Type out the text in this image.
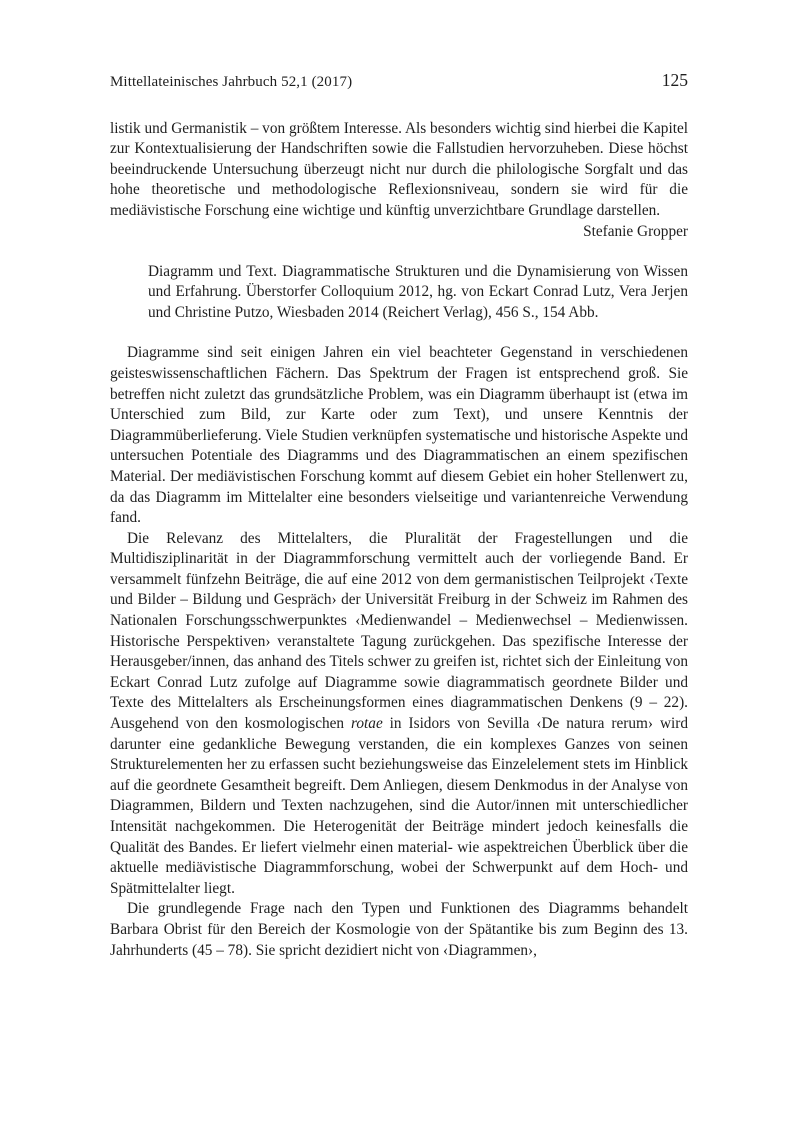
Mittellateinisches Jahrbuch 52,1 (2017)	125

listik und Germanistik – von größtem Interesse. Als besonders wichtig sind hierbei die Kapitel zur Kontextualisierung der Handschriften sowie die Fallstudien hervorzuheben. Diese höchst beeindruckende Untersuchung überzeugt nicht nur durch die philologische Sorgfalt und das hohe theoretische und methodologische Reflexionsniveau, sondern sie wird für die mediävistische Forschung eine wichtige und künftig unverzichtbare Grundlage darstellen.
Stefanie Gropper

Diagramm und Text. Diagrammatische Strukturen und die Dynamisierung von Wissen und Erfahrung. Überstorfer Colloquium 2012, hg. von Eckart Conrad Lutz, Vera Jerjen und Christine Putzo, Wiesbaden 2014 (Reichert Verlag), 456 S., 154 Abb.

Diagramme sind seit einigen Jahren ein viel beachteter Gegenstand in verschiedenen geisteswissenschaftlichen Fächern. Das Spektrum der Fragen ist entsprechend groß. Sie betreffen nicht zuletzt das grundsätzliche Problem, was ein Diagramm überhaupt ist (etwa im Unterschied zum Bild, zur Karte oder zum Text), und unsere Kenntnis der Diagrammüberlieferung. Viele Studien verknüpfen systematische und historische Aspekte und untersuchen Potentiale des Diagramms und des Diagrammatischen an einem spezifischen Material. Der mediävistischen Forschung kommt auf diesem Gebiet ein hoher Stellenwert zu, da das Diagramm im Mittelalter eine besonders vielseitige und variantenreiche Verwendung fand.

Die Relevanz des Mittelalters, die Pluralität der Fragestellungen und die Multidisziplinarität in der Diagrammforschung vermittelt auch der vorliegende Band. Er versammelt fünfzehn Beiträge, die auf eine 2012 von dem germanistischen Teilprojekt ‹Texte und Bilder – Bildung und Gespräch› der Universität Freiburg in der Schweiz im Rahmen des Nationalen Forschungsschwerpunktes ‹Medienwandel – Medienwechsel – Medienwissen. Historische Perspektiven› veranstaltete Tagung zurückgehen. Das spezifische Interesse der Herausgeber/innen, das anhand des Titels schwer zu greifen ist, richtet sich der Einleitung von Eckart Conrad Lutz zufolge auf Diagramme sowie diagrammatisch geordnete Bilder und Texte des Mittelalters als Erscheinungsformen eines diagrammatischen Denkens (9 – 22). Ausgehend von den kosmologischen rotae in Isidors von Sevilla ‹De natura rerum› wird darunter eine gedankliche Bewegung verstanden, die ein komplexes Ganzes von seinen Strukturelementen her zu erfassen sucht beziehungsweise das Einzelelement stets im Hinblick auf die geordnete Gesamtheit begreift. Dem Anliegen, diesem Denkmodus in der Analyse von Diagrammen, Bildern und Texten nachzugehen, sind die Autor/innen mit unterschiedlicher Intensität nachgekommen. Die Heterogenität der Beiträge mindert jedoch keinesfalls die Qualität des Bandes. Er liefert vielmehr einen material- wie aspektreichen Überblick über die aktuelle mediävistische Diagrammforschung, wobei der Schwerpunkt auf dem Hoch- und Spätmittelalter liegt.

Die grundlegende Frage nach den Typen und Funktionen des Diagramms behandelt Barbara Obrist für den Bereich der Kosmologie von der Spätantike bis zum Beginn des 13. Jahrhunderts (45 – 78). Sie spricht dezidiert nicht von ‹Diagrammen›,
